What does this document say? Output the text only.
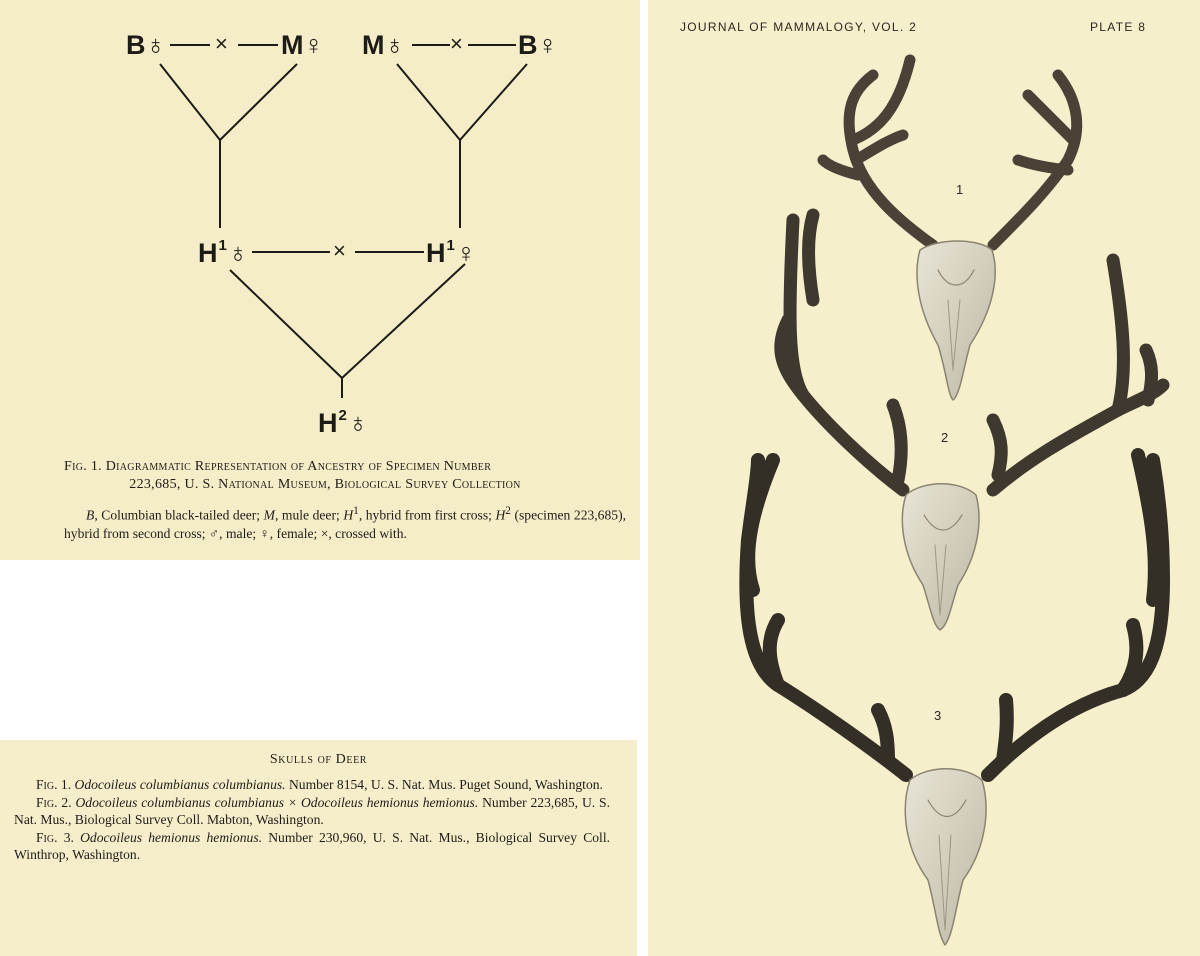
B♁ × M♀ M♁ × B♀
$H^1♁$	×	$H^1♀$
$H^2♁$
Fig. 1. Diagrammatic Representation of Ancestry of Specimen Number
223,685, U. S. National Museum, Biological Survey Collection
B, Columbian black-tailed deer; M, mule deer; $H^1$, hybrid from first cross; $H^2$ (specimen 223,685), hybrid from second cross; ♂, male; ♀, female; ×, crossed with.
Skulls of Deer

Fig. 1. Odocoileus columbianus columbianus. Number 8154, U. S. Nat. Mus. Puget Sound, Washington.

Fig. 2. Odocoileus columbianus columbianus × Odocoileus hemionus hemionus. Number 223,685, U. S. Nat. Mus., Biological Survey Coll. Mabton, Washington.

Fig. 3. Odocoileus hemionus hemionus. Number 230,960, U. S. Nat. Mus., Biological Survey Coll. Winthrop, Washington.

JOURNAL OF MAMMALOGY, VOL. 2	PLATE 8
1
2
3
